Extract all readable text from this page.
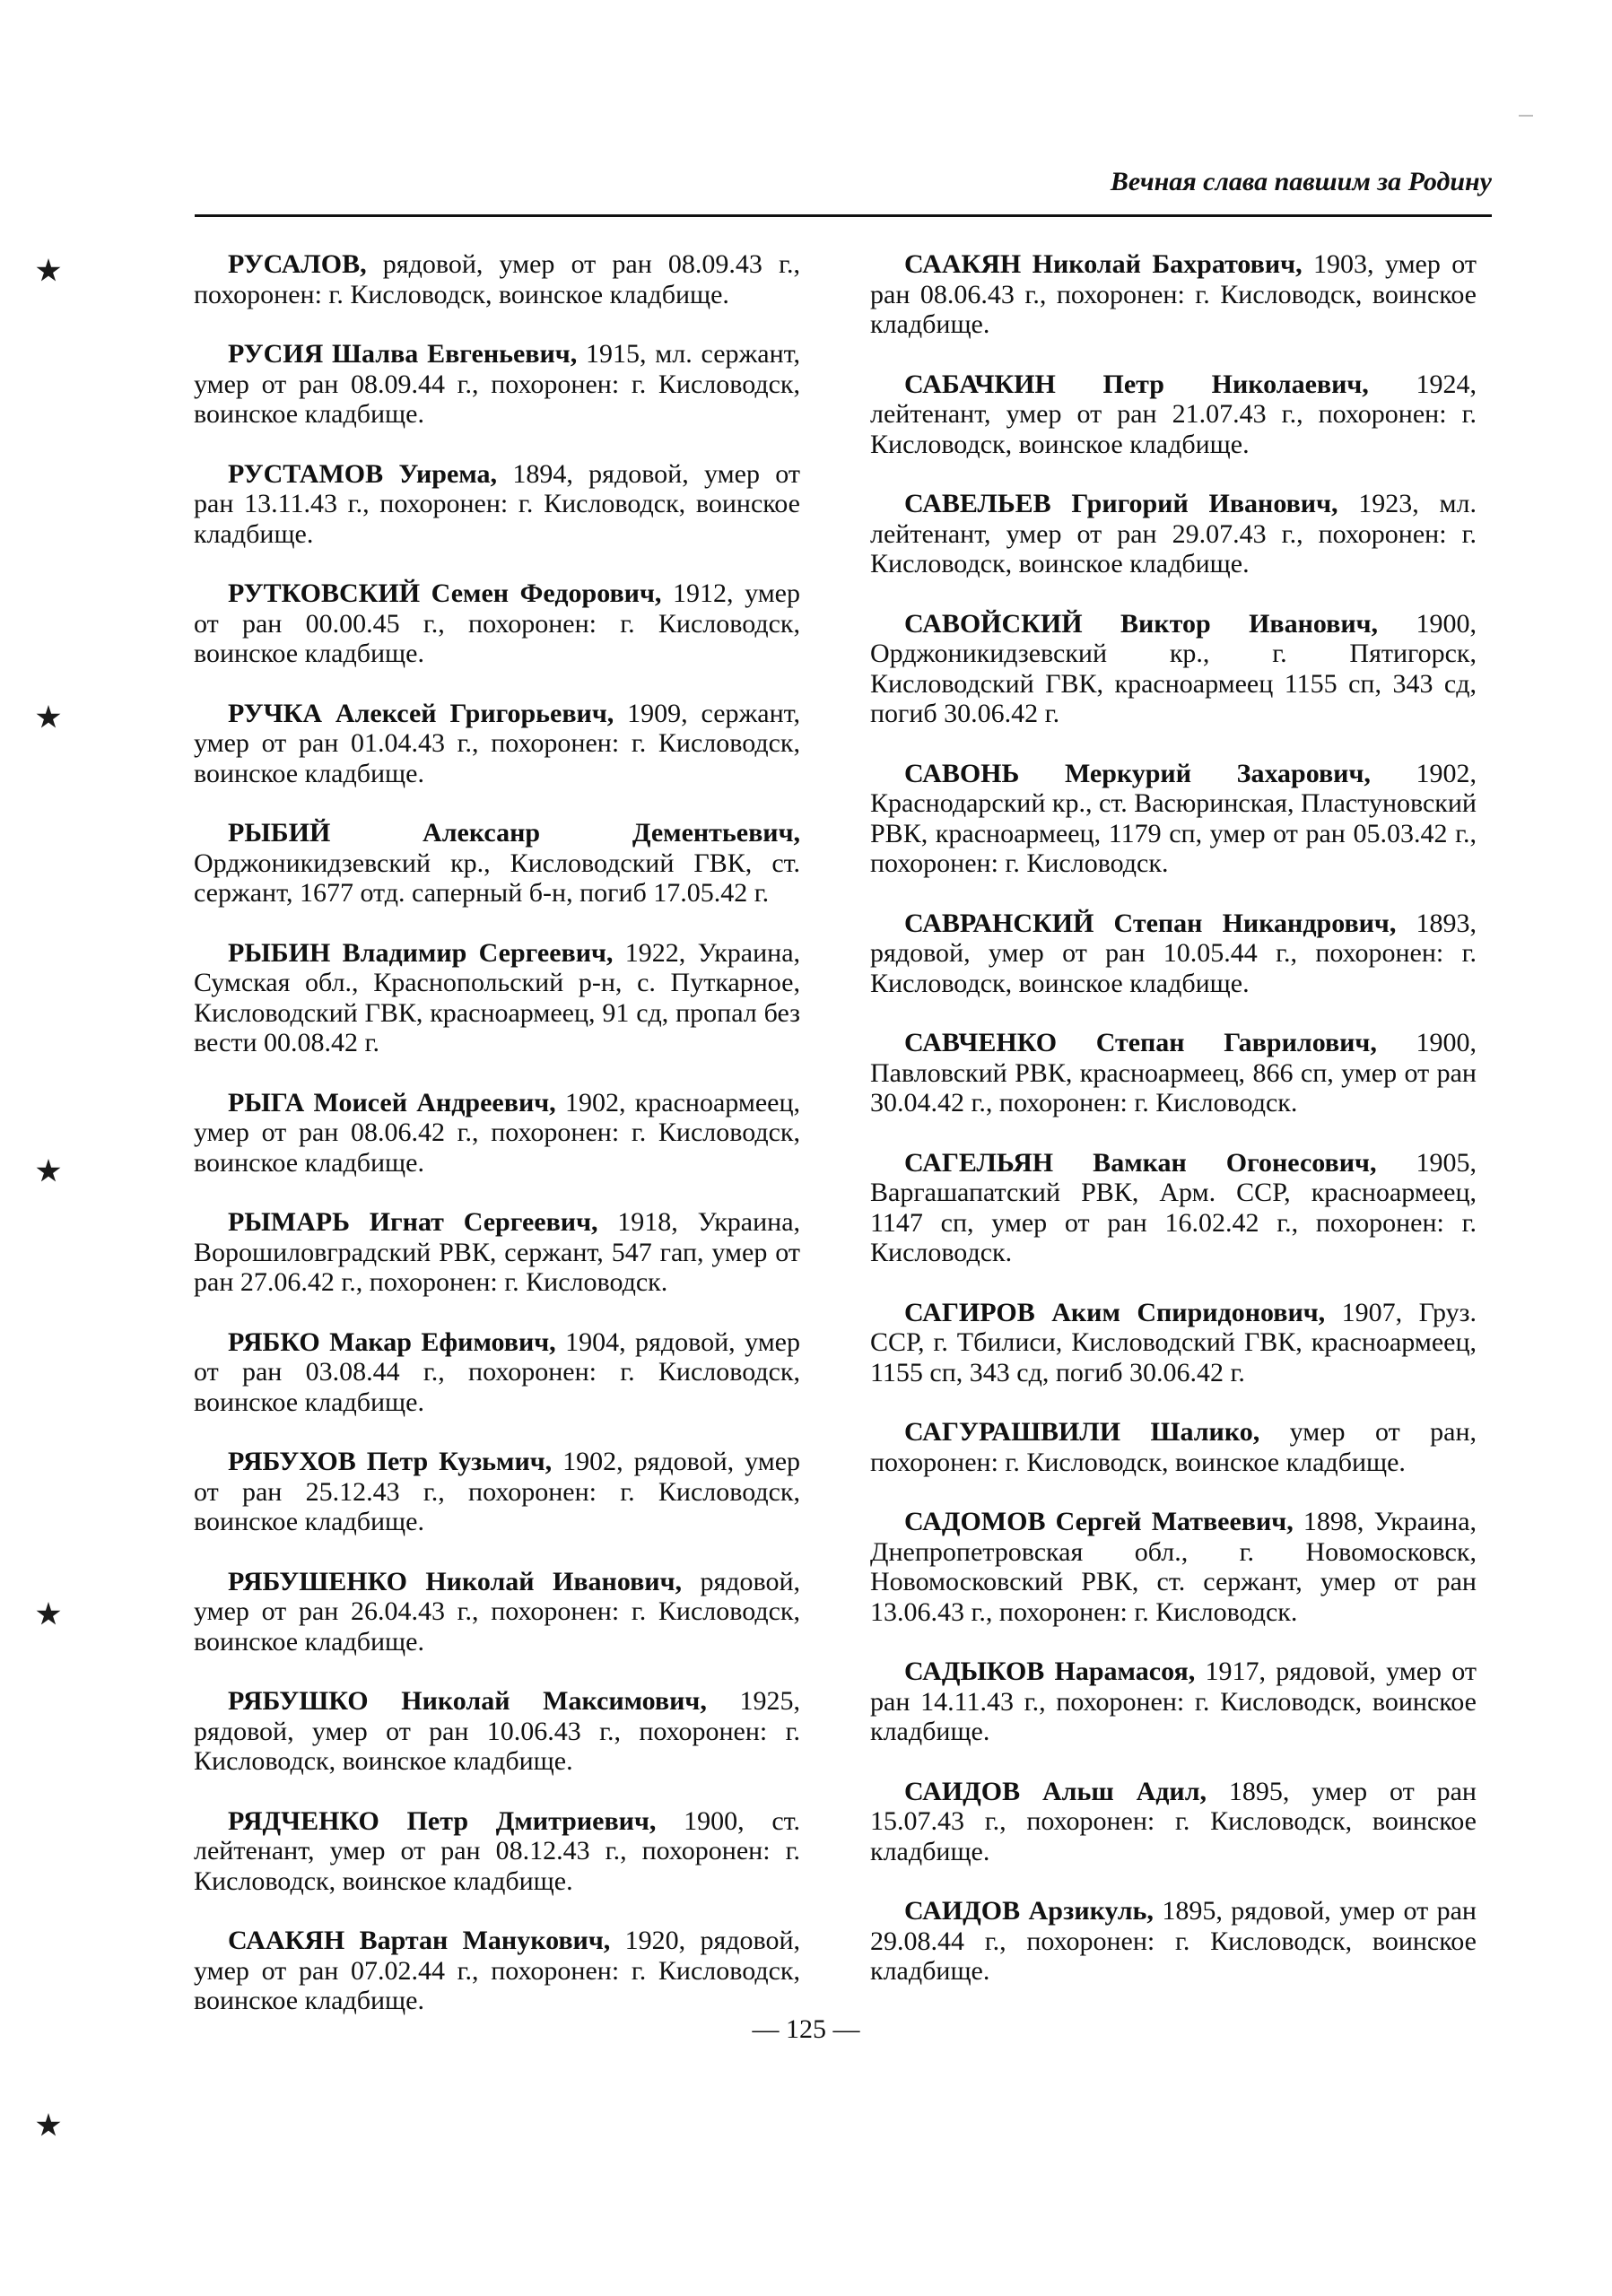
Вечная слава павшим за Родину

РУСАЛОВ, рядовой, умер от ран 08.09.43 г., похоронен: г. Кисловодск, воинское кладбище.

РУСИЯ Шалва Евгеньевич, 1915, мл. сержант, умер от ран 08.09.44 г., похоронен: г. Кисловодск, воинское кладбище.

РУСТАМОВ Уирема, 1894, рядовой, умер от ран 13.11.43 г., похоронен: г. Кисловодск, воинское кладбище.

РУТКОВСКИЙ Семен Федорович, 1912, умер от ран 00.00.45 г., похоронен: г. Кисловодск, воинское кладбище.

РУЧКА Алексей Григорьевич, 1909, сержант, умер от ран 01.04.43 г., похоронен: г. Кисловодск, воинское кладбище.

РЫБИЙ Алексанр Дементьевич, Орджоникидзевский кр., Кисловодский ГВК, ст. сержант, 1677 отд. саперный б-н, погиб 17.05.42 г.

РЫБИН Владимир Сергеевич, 1922, Украина, Сумская обл., Краснопольский р-н, с. Путкарное, Кисловодский ГВК, красноармеец, 91 сд, пропал без вести 00.08.42 г.

РЫГА Моисей Андреевич, 1902, красноармеец, умер от ран 08.06.42 г., похоронен: г. Кисловодск, воинское кладбище.

РЫМАРЬ Игнат Сергеевич, 1918, Украина, Ворошиловградский РВК, сержант, 547 гап, умер от ран 27.06.42 г., похоронен: г. Кисловодск.

РЯБКО Макар Ефимович, 1904, рядовой, умер от ран 03.08.44 г., похоронен: г. Кисловодск, воинское кладбище.

РЯБУХОВ Петр Кузьмич, 1902, рядовой, умер от ран 25.12.43 г., похоронен: г. Кисловодск, воинское кладбище.

РЯБУШЕНКО Николай Иванович, рядовой, умер от ран 26.04.43 г., похоронен: г. Кисловодск, воинское кладбище.

РЯБУШКО Николай Максимович, 1925, рядовой, умер от ран 10.06.43 г., похоронен: г. Кисловодск, воинское кладбище.

РЯДЧЕНКО Петр Дмитриевич, 1900, ст. лейтенант, умер от ран 08.12.43 г., похоронен: г. Кисловодск, воинское кладбище.

СААКЯН Вартан Манукович, 1920, рядовой, умер от ран 07.02.44 г., похоронен: г. Кисловодск, воинское кладбище.

СААКЯН Николай Бахратович, 1903, умер от ран 08.06.43 г., похоронен: г. Кисловодск, воинское кладбище.

САБАЧКИН Петр Николаевич, 1924, лейтенант, умер от ран 21.07.43 г., похоронен: г. Кисловодск, воинское кладбище.

САВЕЛЬЕВ Григорий Иванович, 1923, мл. лейтенант, умер от ран 29.07.43 г., похоронен: г. Кисловодск, воинское кладбище.

САВОЙСКИЙ Виктор Иванович, 1900, Орджоникидзевский кр., г. Пятигорск, Кисловодский ГВК, красноармеец 1155 сп, 343 сд, погиб 30.06.42 г.

САВОНЬ Меркурий Захарович, 1902, Краснодарский кр., ст. Васюринская, Пластуновский РВК, красноармеец, 1179 сп, умер от ран 05.03.42 г., похоронен: г. Кисловодск.

САВРАНСКИЙ Степан Никандрович, 1893, рядовой, умер от ран 10.05.44 г., похоронен: г. Кисловодск, воинское кладбище.

САВЧЕНКО Степан Гаврилович, 1900, Павловский РВК, красноармеец, 866 сп, умер от ран 30.04.42 г., похоронен: г. Кисловодск.

САГЕЛЬЯН Вамкан Огонесович, 1905, Варгашапатский РВК, Арм. ССР, красноармеец, 1147 сп, умер от ран 16.02.42 г., похоронен: г. Кисловодск.

САГИРОВ Аким Спиридонович, 1907, Груз. ССР, г. Тбилиси, Кисловодский ГВК, красноармеец, 1155 сп, 343 сд, погиб 30.06.42 г.

САГУРАШВИЛИ Шалико, умер от ран, похоронен: г. Кисловодск, воинское кладбище.

САДОМОВ Сергей Матвеевич, 1898, Украина, Днепропетровская обл., г. Новомосковск, Новомосковский РВК, ст. сержант, умер от ран 13.06.43 г., похоронен: г. Кисловодск.

САДЫКОВ Нарамасоя, 1917, рядовой, умер от ран 14.11.43 г., похоронен: г. Кисловодск, воинское кладбище.

САИДОВ Альш Адил, 1895, умер от ран 15.07.43 г., похоронен: г. Кисловодск, воинское кладбище.

САИДОВ Арзикуль, 1895, рядовой, умер от ран 29.08.44 г., похоронен: г. Кисловодск, воинское кладбище.

— 125 —
